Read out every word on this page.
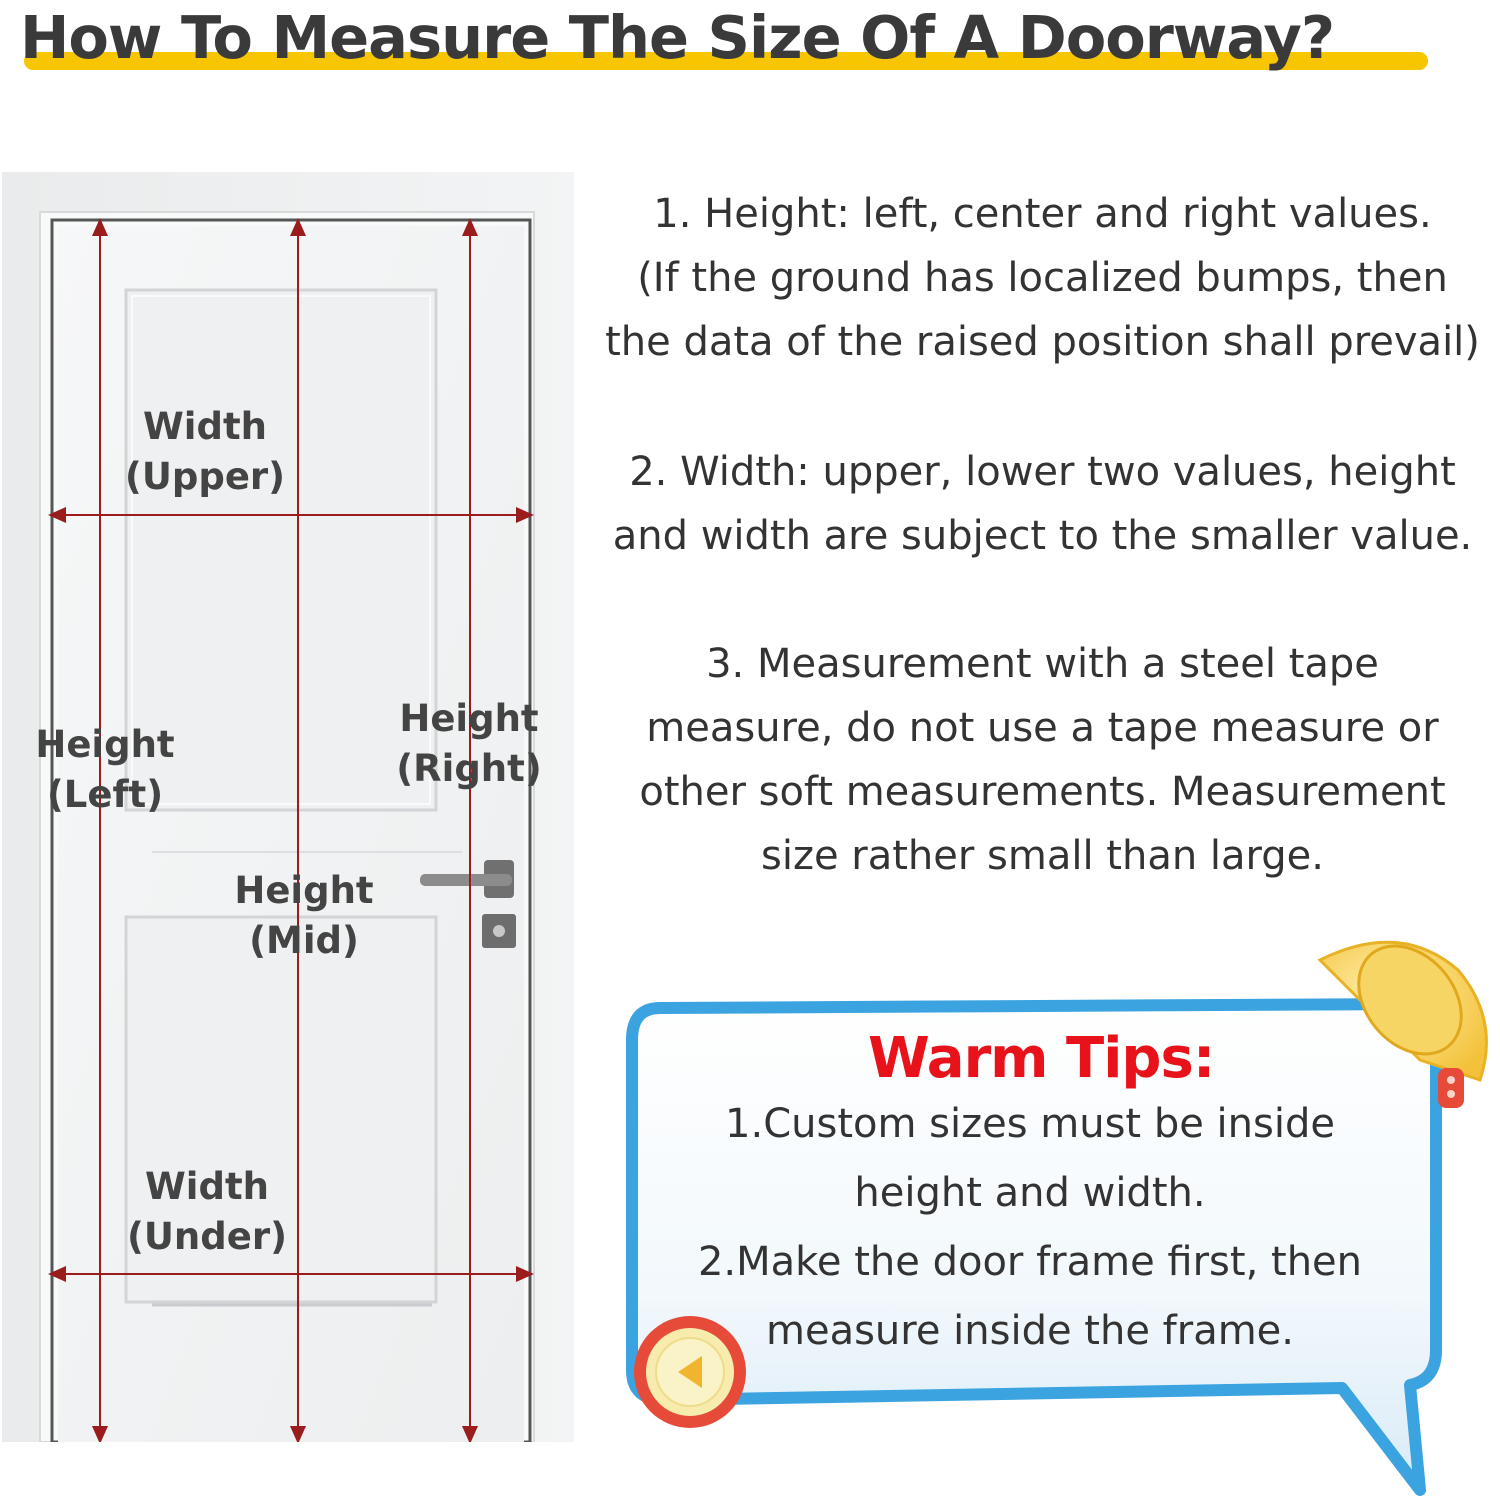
How To Measure The Size Of A Doorway?
Width
(Upper)
Height
(Left)
Height
(Right)
Height
(Mid)
Width
(Under)
1. Height: left, center and right values.
(If the ground has localized bumps, then
the data of the raised position shall prevail)
2. Width: upper, lower two values, height
and width are subject to the smaller value.
3. Measurement with a steel tape
measure, do not use a tape measure or
other soft measurements. Measurement
size rather small than large.
Warm Tips:
1.Custom sizes must be inside
height and width.
2.Make the door frame first, then
measure inside the frame.
